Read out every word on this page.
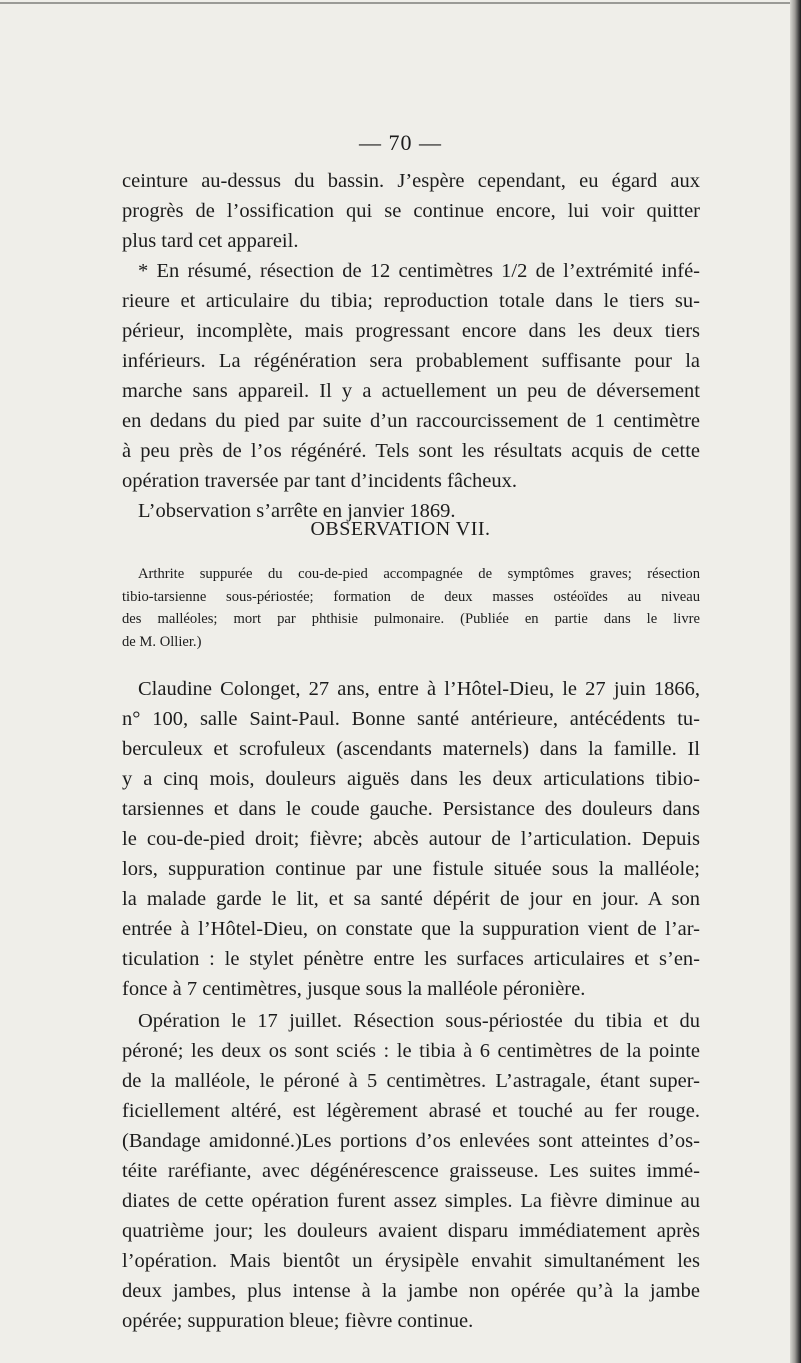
— 70 —
ceinture au-dessus du bassin. J’espère cependant, eu égard aux
progrès de l’ossification qui se continue encore, lui voir quitter
plus tard cet appareil.
* En résumé, résection de 12 centimètres 1/2 de l’extrémité infé-
rieure et articulaire du tibia; reproduction totale dans le tiers su-
périeur, incomplète, mais progressant encore dans les deux tiers
inférieurs. La régénération sera probablement suffisante pour la
marche sans appareil. Il y a actuellement un peu de déversement
en dedans du pied par suite d’un raccourcissement de 1 centimètre
à peu près de l’os régénéré. Tels sont les résultats acquis de cette
opération traversée par tant d’incidents fâcheux.
L’observation s’arrête en janvier 1869.
OBSERVATION VII.
Arthrite suppurée du cou-de-pied accompagnée de symptômes graves; résection
tibio-tarsienne sous-périostée; formation de deux masses ostéoïdes au niveau
des malléoles; mort par phthisie pulmonaire. (Publiée en partie dans le livre
de M. Ollier.)
Claudine Colonget, 27 ans, entre à l’Hôtel-Dieu, le 27 juin 1866,
n° 100, salle Saint-Paul. Bonne santé antérieure, antécédents tu-
berculeux et scrofuleux (ascendants maternels) dans la famille. Il
y a cinq mois, douleurs aiguës dans les deux articulations tibio-
tarsiennes et dans le coude gauche. Persistance des douleurs dans
le cou-de-pied droit; fièvre; abcès autour de l’articulation. Depuis
lors, suppuration continue par une fistule située sous la malléole;
la malade garde le lit, et sa santé dépérit de jour en jour. A son
entrée à l’Hôtel-Dieu, on constate que la suppuration vient de l’ar-
ticulation : le stylet pénètre entre les surfaces articulaires et s’en-
fonce à 7 centimètres, jusque sous la malléole péronière.
Opération le 17 juillet. Résection sous-périostée du tibia et du
péroné; les deux os sont sciés : le tibia à 6 centimètres de la pointe
de la malléole, le péroné à 5 centimètres. L’astragale, étant super-
ficiellement altéré, est légèrement abrasé et touché au fer rouge.
(Bandage amidonné.)Les portions d’os enlevées sont atteintes d’os-
téite raréfiante, avec dégénérescence graisseuse. Les suites immé-
diates de cette opération furent assez simples. La fièvre diminue au
quatrième jour; les douleurs avaient disparu immédiatement après
l’opération. Mais bientôt un érysipèle envahit simultanément les
deux jambes, plus intense à la jambe non opérée qu’à la jambe
opérée; suppuration bleue; fièvre continue.
